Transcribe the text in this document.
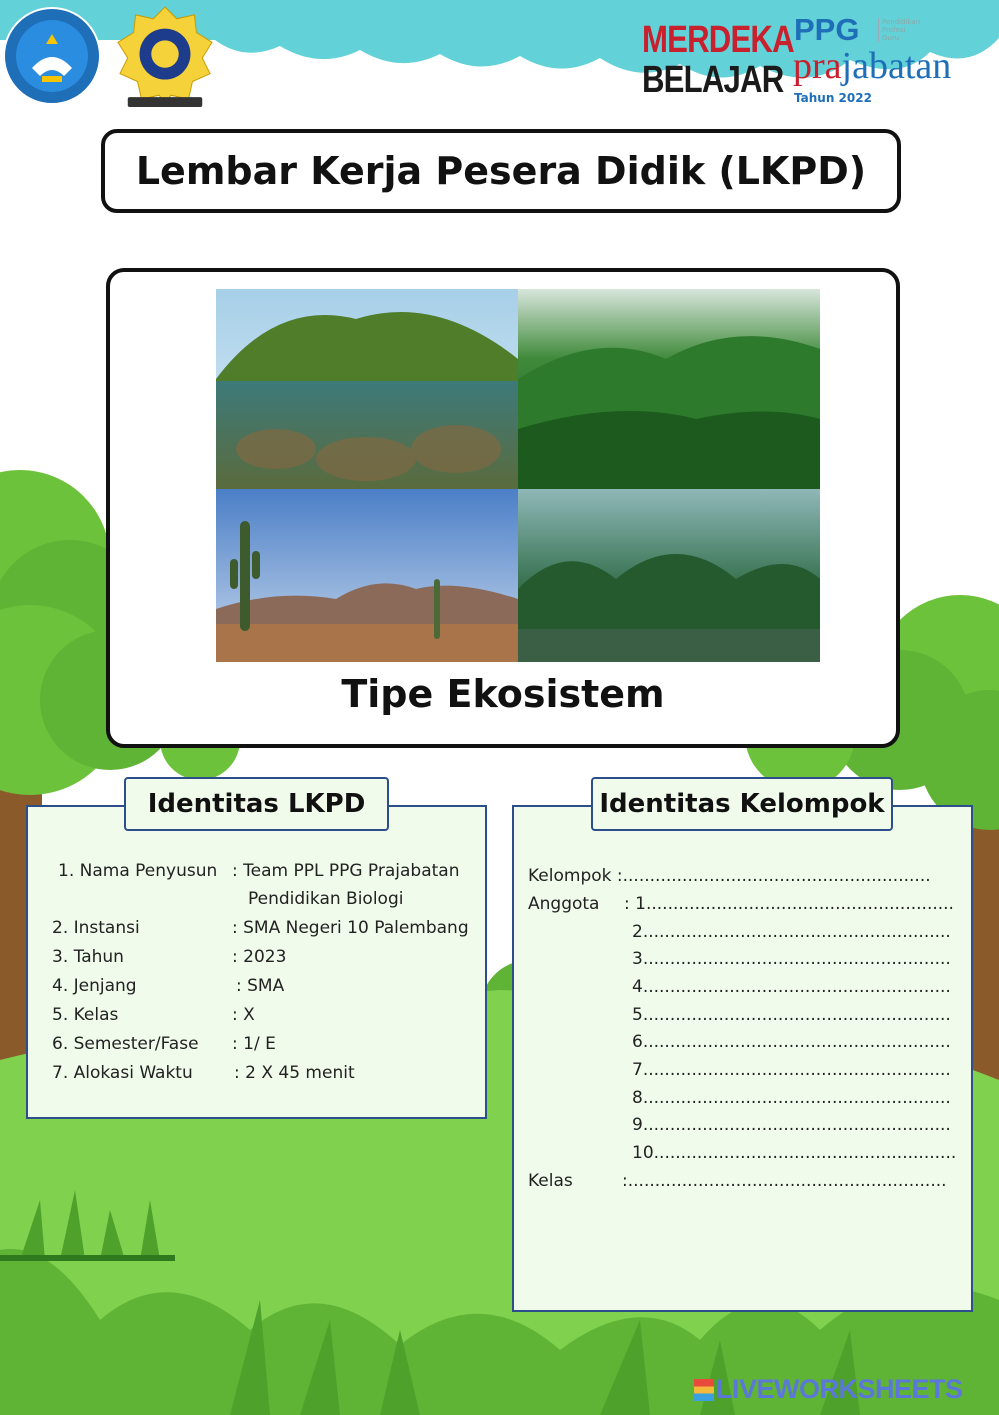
MERDEKA
BELAJAR
PPG	Pendidikan Profesi Guru
prajabatan
Tahun 2022
Lembar Kerja Pesera Didik (LKPD)
Tipe Ekosistem
Identitas LKPD
1. Nama Penyusun : Team PPL PPG Prajabatan
Pendidikan Biologi
2. Instansi	: SMA Negeri 10 Palembang
3. Tahun	: 2023
4. Jenjang	: SMA
5. Kelas	: X
6. Semester/Fase : 1/ E
7. Alokasi Waktu : 2 X 45 menit
Identitas Kelompok
Kelompok :.........................................................
Anggota : 1.........................................................
2.........................................................
3.........................................................
4.........................................................
5.........................................................
6.........................................................
7.........................................................
8.........................................................
9.........................................................
10........................................................
Kelas	:...........................................................
LIVEWORKSHEETS
